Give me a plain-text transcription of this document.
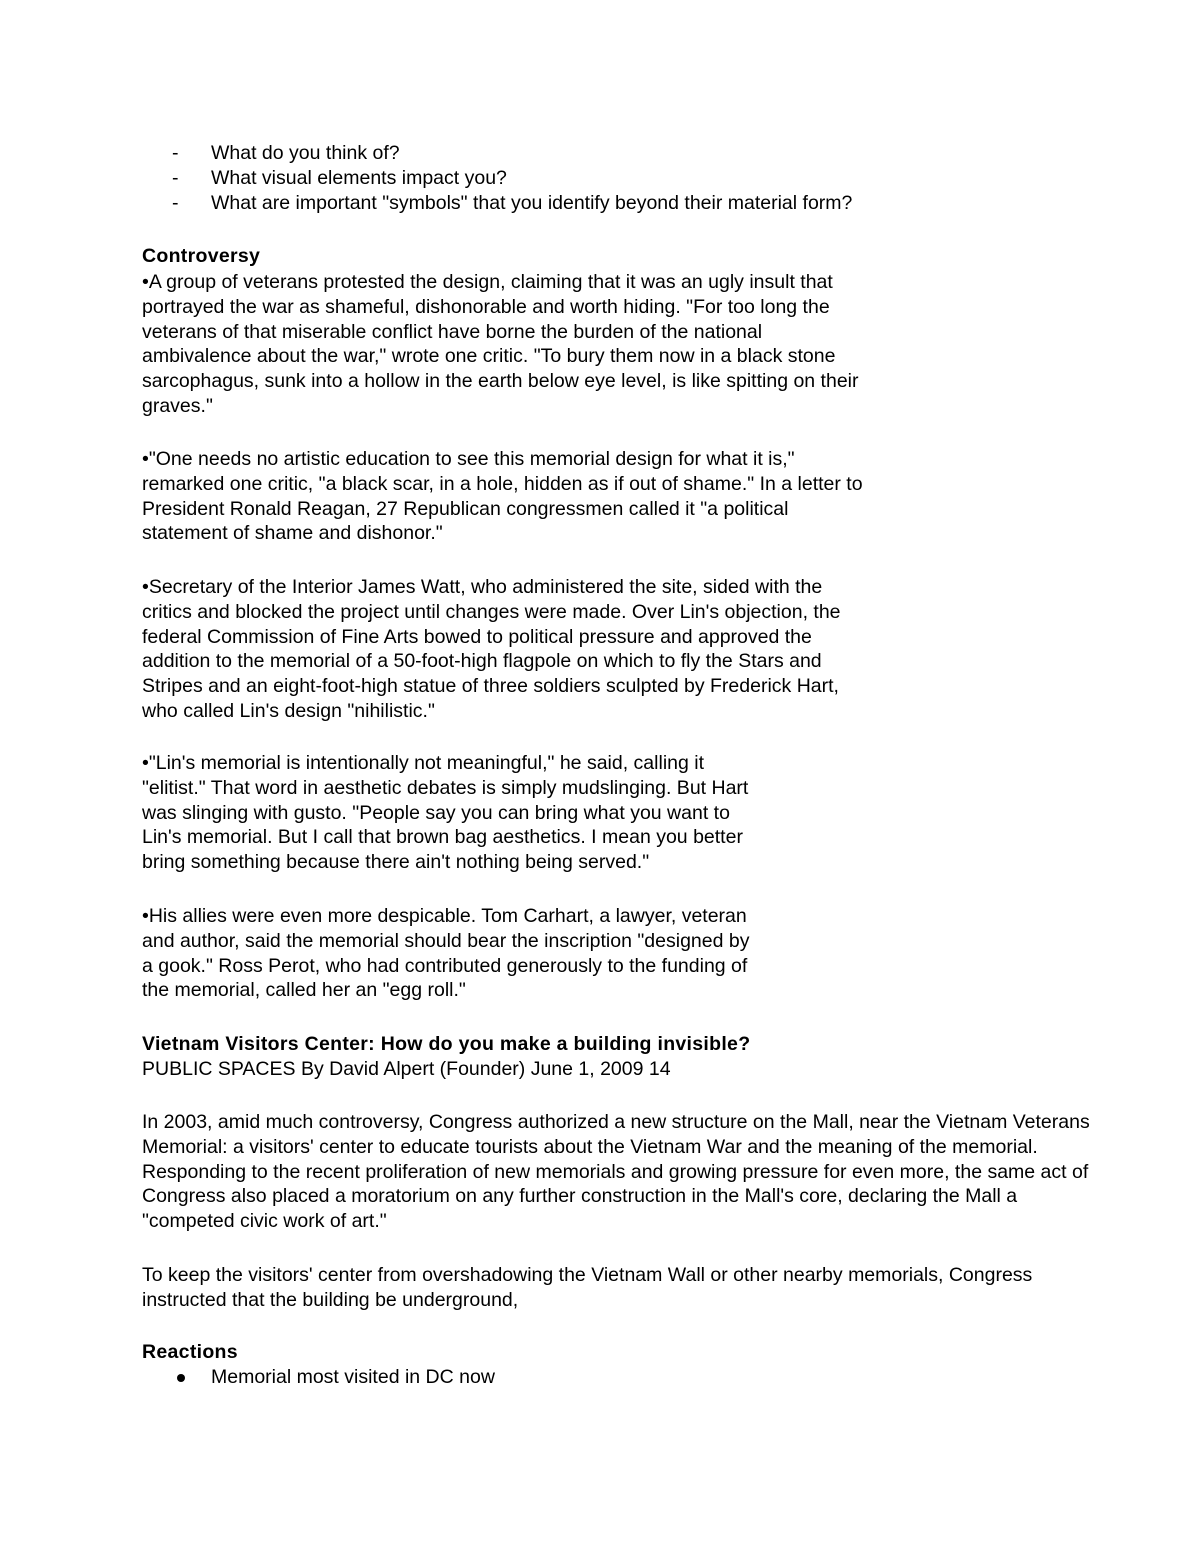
- What do you think of?
- What visual elements impact you?
- What are important "symbols" that you identify beyond their material form?
Controversy

•A group of veterans protested the design, claiming that it was an ugly insult that
portrayed the war as shameful, dishonorable and worth hiding. "For too long the
veterans of that miserable conflict have borne the burden of the national
ambivalence about the war," wrote one critic. "To bury them now in a black stone
sarcophagus, sunk into a hollow in the earth below eye level, is like spitting on their
graves."

•"One needs no artistic education to see this memorial design for what it is,"
remarked one critic, "a black scar, in a hole, hidden as if out of shame." In a letter to
President Ronald Reagan, 27 Republican congressmen called it "a political
statement of shame and dishonor."

•Secretary of the Interior James Watt, who administered the site, sided with the
critics and blocked the project until changes were made. Over Lin's objection, the
federal Commission of Fine Arts bowed to political pressure and approved the
addition to the memorial of a 50-foot-high flagpole on which to fly the Stars and
Stripes and an eight-foot-high statue of three soldiers sculpted by Frederick Hart,
who called Lin's design "nihilistic."

•"Lin's memorial is intentionally not meaningful," he said, calling it
"elitist." That word in aesthetic debates is simply mudslinging. But Hart
was slinging with gusto. "People say you can bring what you want to
Lin's memorial. But I call that brown bag aesthetics. I mean you better
bring something because there ain't nothing being served."

•His allies were even more despicable. Tom Carhart, a lawyer, veteran
and author, said the memorial should bear the inscription "designed by
a gook." Ross Perot, who had contributed generously to the funding of
the memorial, called her an "egg roll."

Vietnam Visitors Center: How do you make a building invisible?

PUBLIC SPACES By David Alpert (Founder) June 1, 2009 14

In 2003, amid much controversy, Congress authorized a new structure on the Mall, near the Vietnam Veterans
Memorial: a visitors' center to educate tourists about the Vietnam War and the meaning of the memorial.
Responding to the recent proliferation of new memorials and growing pressure for even more, the same act of
Congress also placed a moratorium on any further construction in the Mall's core, declaring the Mall a
"competed civic work of art."

To keep the visitors' center from overshadowing the Vietnam Wall or other nearby memorials, Congress
instructed that the building be underground,

Reactions
Memorial most visited in DC now
